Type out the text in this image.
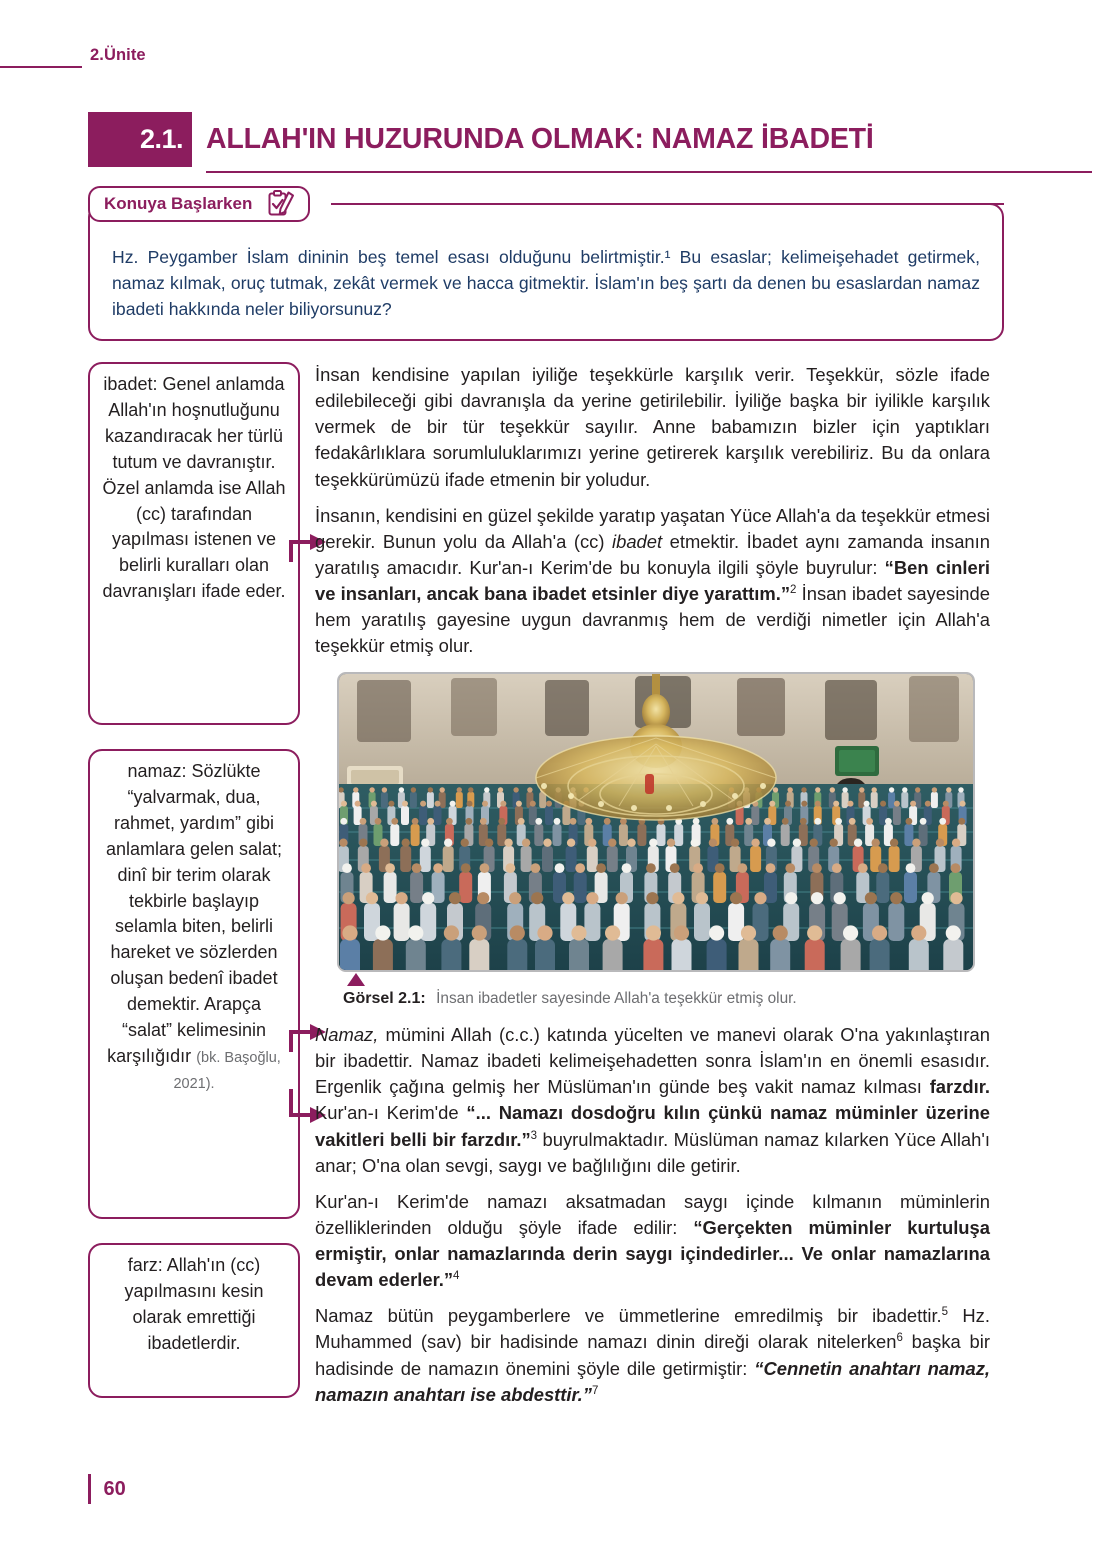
2.Ünite
2.1. ALLAH'IN HUZURUNDA OLMAK: NAMAZ İBADETİ

Hz. Peygamber İslam dininin beş temel esası olduğunu belirtmiştir.¹ Bu esaslar; kelimeişehadet getirmek, namaz kılmak, oruç tutmak, zekât vermek ve hacca gitmektir. İslam'ın beş şartı da denen bu esaslardan namaz ibadeti hakkında neler biliyorsunuz?

Konuya Başlarken
ibadet: Genel anlamda Allah'ın hoşnutluğunu kazandıracak her türlü tutum ve davranıştır. Özel anlamda ise Allah (cc) tarafından yapılması istenen ve belirli kuralları olan davranışları ifade eder.
namaz: Sözlükte “yalvarmak, dua, rahmet, yardım” gibi anlamlara gelen salat; dinî bir terim olarak tekbirle başlayıp selamla biten, belirli hareket ve sözlerden oluşan bedenî ibadet demektir. Arapça “salat” kelimesinin karşılığıdır (bk. Başoğlu, 2021).
farz: Allah'ın (cc) yapılmasını kesin olarak emrettiği ibadetlerdir.

İnsan kendisine yapılan iyiliğe teşekkürle karşılık verir. Teşekkür, sözle ifade edilebileceği gibi davranışla da yerine getirilebilir. İyiliğe başka bir iyilikle karşılık vermek de bir tür teşekkür sayılır. Anne babamızın bizler için yaptıkları fedakârlıklara sorumluluklarımızı yerine getirerek karşılık verebiliriz. Bu da onlara teşekkürümüzü ifade etmenin bir yoludur.

İnsanın, kendisini en güzel şekilde yaratıp yaşatan Yüce Allah'a da teşekkür etmesi gerekir. Bunun yolu da Allah'a (cc) ibadet etmektir. İbadet aynı zamanda insanın yaratılış amacıdır. Kur'an-ı Kerim'de bu konuyla ilgili şöyle buyrulur: “Ben cinleri ve insanları, ancak bana ibadet etsinler diye yarattım.”$^2$ İnsan ibadet sayesinde hem yaratılış gayesine uygun davranmış hem de verdiği nimetler için Allah'a teşekkür etmiş olur.

Görsel 2.1: İnsan ibadetler sayesinde Allah'a teşekkür etmiş olur.

Namaz, mümini Allah (c.c.) katında yücelten ve manevi olarak O'na yakınlaştıran bir ibadettir. Namaz ibadeti kelimeişehadetten sonra İslam'ın en önemli esasıdır. Ergenlik çağına gelmiş her Müslüman'ın günde beş vakit namaz kılması farzdır. Kur'an-ı Kerim'de “... Namazı dosdoğru kılın çünkü namaz müminler üzerine vakitleri belli bir farzdır.”$^3$ buyrulmaktadır. Müslüman namaz kılarken Yüce Allah'ı anar; O'na olan sevgi, saygı ve bağlılığını dile getirir.

Kur'an-ı Kerim'de namazı aksatmadan saygı içinde kılmanın müminlerin özelliklerinden olduğu şöyle ifade edilir: “Gerçekten müminler kurtuluşa ermiştir, onlar namazlarında derin saygı içindedirler... Ve onlar namazlarına devam ederler.”$^4$

Namaz bütün peygamberlere ve ümmetlerine emredilmiş bir ibadettir.$^5$ Hz. Muhammed (sav) bir hadisinde namazı dinin direği olarak nitelerken$^6$ başka bir hadisinde de namazın önemini şöyle dile getirmiştir: “Cennetin anahtarı namaz, namazın anahtarı ise abdesttir.”$^7$

60
